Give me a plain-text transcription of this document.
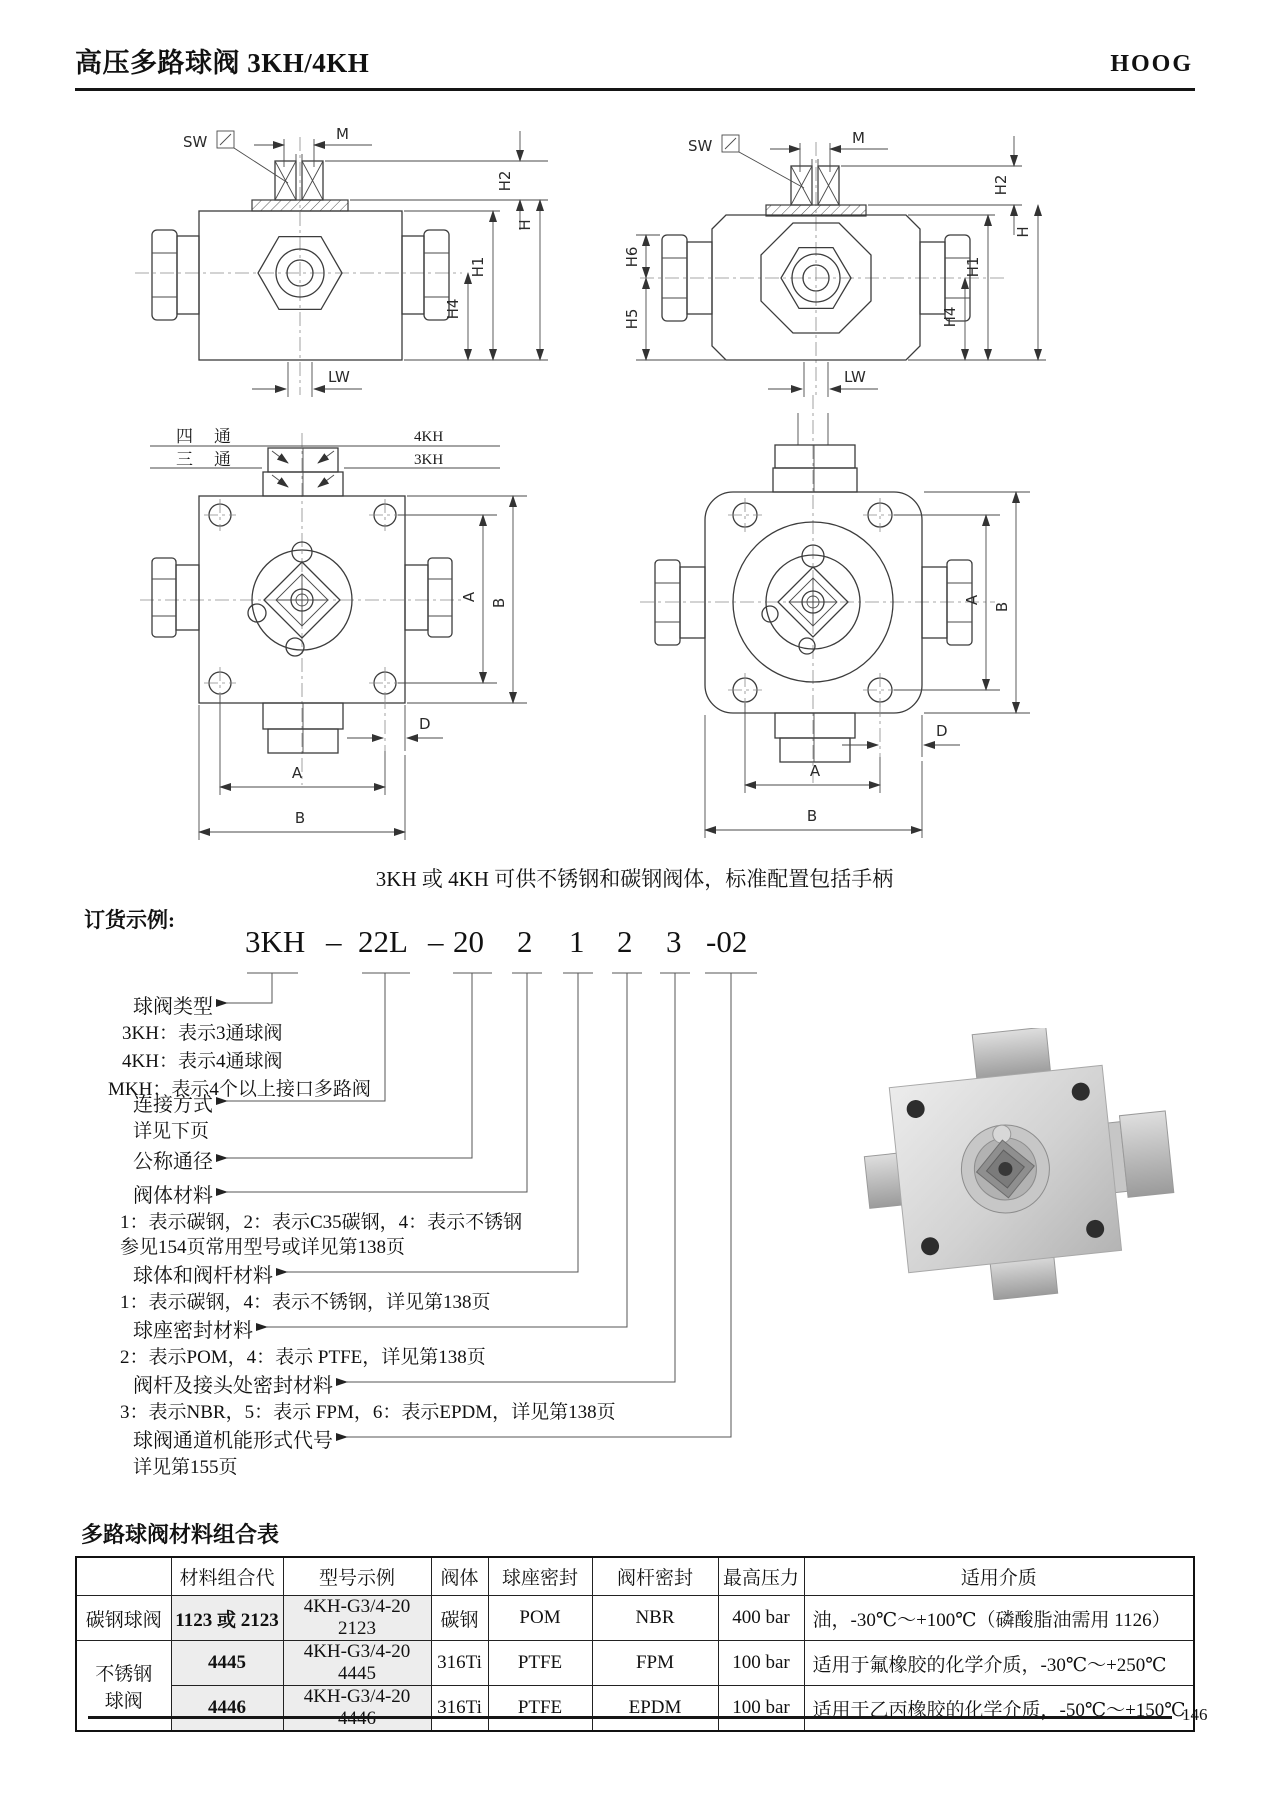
高压多路球阀 3KH/4KH	HOOG
SW	M
H2
H
H1
H4
LW
SW	M
H6
H5
H1
H4
H2
H
LW
四　通	4KH
三　通	3KH
A
B
D
A
B
A
B
D
A
B
3KH 或 4KH 可供不锈钢和碳钢阀体，标准配置包括手柄
订货示例:
3KH – 22L – 20 2 1 2 3 -02
球阀类型
3KH：表示3通球阀
4KH：表示4通球阀
MKH：表示4个以上接口多路阀
连接方式
详见下页
公称通径
阀体材料
1：表示碳钢，2：表示C35碳钢，4：表示不锈钢
参见154页常用型号或详见第138页
球体和阀杆材料
1：表示碳钢，4：表示不锈钢，详见第138页
球座密封材料
2：表示POM，4：表示 PTFE，详见第138页
阀杆及接头处密封材料
3：表示NBR，5：表示 FPM，6：表示EPDM，详见第138页
球阀通道机能形式代号
详见第155页
多路球阀材料组合表
	材料组合代	型号示例	阀体	球座密封	阀杆密封	最高压力	适用介质
碳钢球阀	1123 或 2123	4KH-G3/4-20 2123	碳钢	POM	NBR	400 bar	油，-30℃～+100℃（磷酸脂油需用 1126）

不锈钢
球阀	4445	4KH-G3/4-20 4445	316Ti	PTFE	FPM	100 bar	适用于氟橡胶的化学介质，-30℃～+250℃
	4446	4KH-G3/4-20 4446	316Ti	PTFE	EPDM	100 bar	适用于乙丙橡胶的化学介质，-50℃～+150℃
146
